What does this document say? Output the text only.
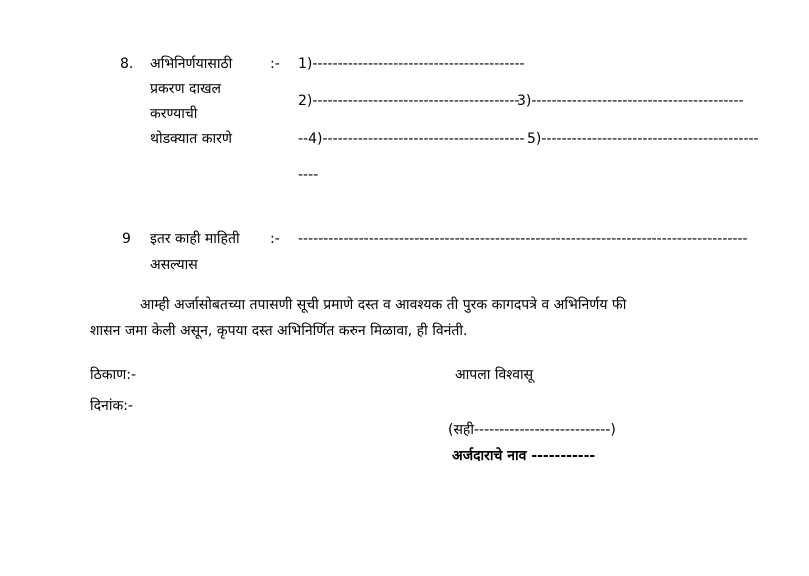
8. अभिनिर्णयासाठी
प्रकरण दाखल
करण्याची
थोडक्यात कारणे
:- 1)------------------------------------------
2)-----------------------------------------
3)------------------------------------------
--4)---------------------------------------- 5)-------------------------------------------
----
9 इतर काही माहिती
असल्यास
:- -----------------------------------------------------------------------------------------
आम्ही अर्जासोबतच्या तपासणी सूची प्रमाणे दस्त व आवश्यक ती पुरक कागदपत्रे व अभिनिर्णय फी
शासन जमा केली असून, कृपया दस्त अभिनिर्णित करुन मिळावा, ही विनंती.
ठिकाण:-
दिनांक:-
आपला विश्वासू
(सही---------------------------)
अर्जदाराचे नाव -----------
